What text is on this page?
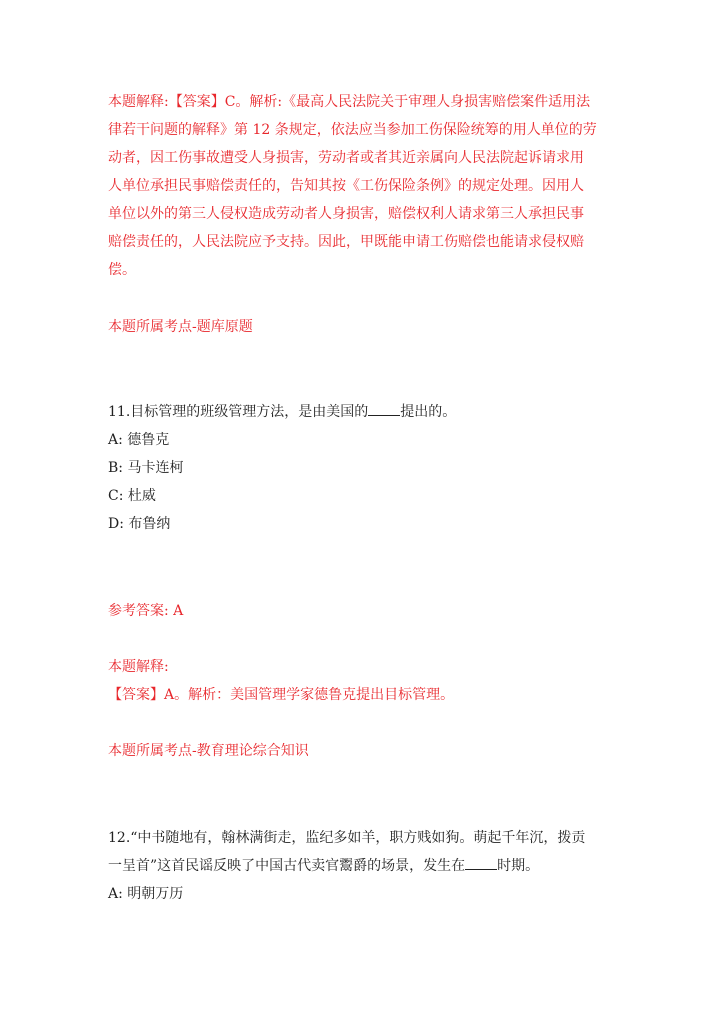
本题解释:【答案】C。解析:《最高人民法院关于审理人身损害赔偿案件适用法
律若干问题的解释》第 12 条规定，依法应当参加工伤保险统筹的用人单位的劳
动者，因工伤事故遭受人身损害，劳动者或者其近亲属向人民法院起诉请求用
人单位承担民事赔偿责任的，告知其按《工伤保险条例》的规定处理。因用人
单位以外的第三人侵权造成劳动者人身损害，赔偿权利人请求第三人承担民事
赔偿责任的，人民法院应予支持。因此，甲既能申请工伤赔偿也能请求侵权赔
偿。
本题所属考点-题库原题
11.目标管理的班级管理方法，是由美国的 提出的。
A: 德鲁克
B: 马卡连柯
C: 杜威
D: 布鲁纳
参考答案: A
本题解释:
【答案】A。解析：美国管理学家德鲁克提出目标管理。
本题所属考点-教育理论综合知识
12.“中书随地有，翰林满街走，监纪多如羊，职方贱如狗。萌起千年沉，拨贡
一呈首”这首民谣反映了中国古代卖官鬻爵的场景，发生在 时期。
A: 明朝万历
